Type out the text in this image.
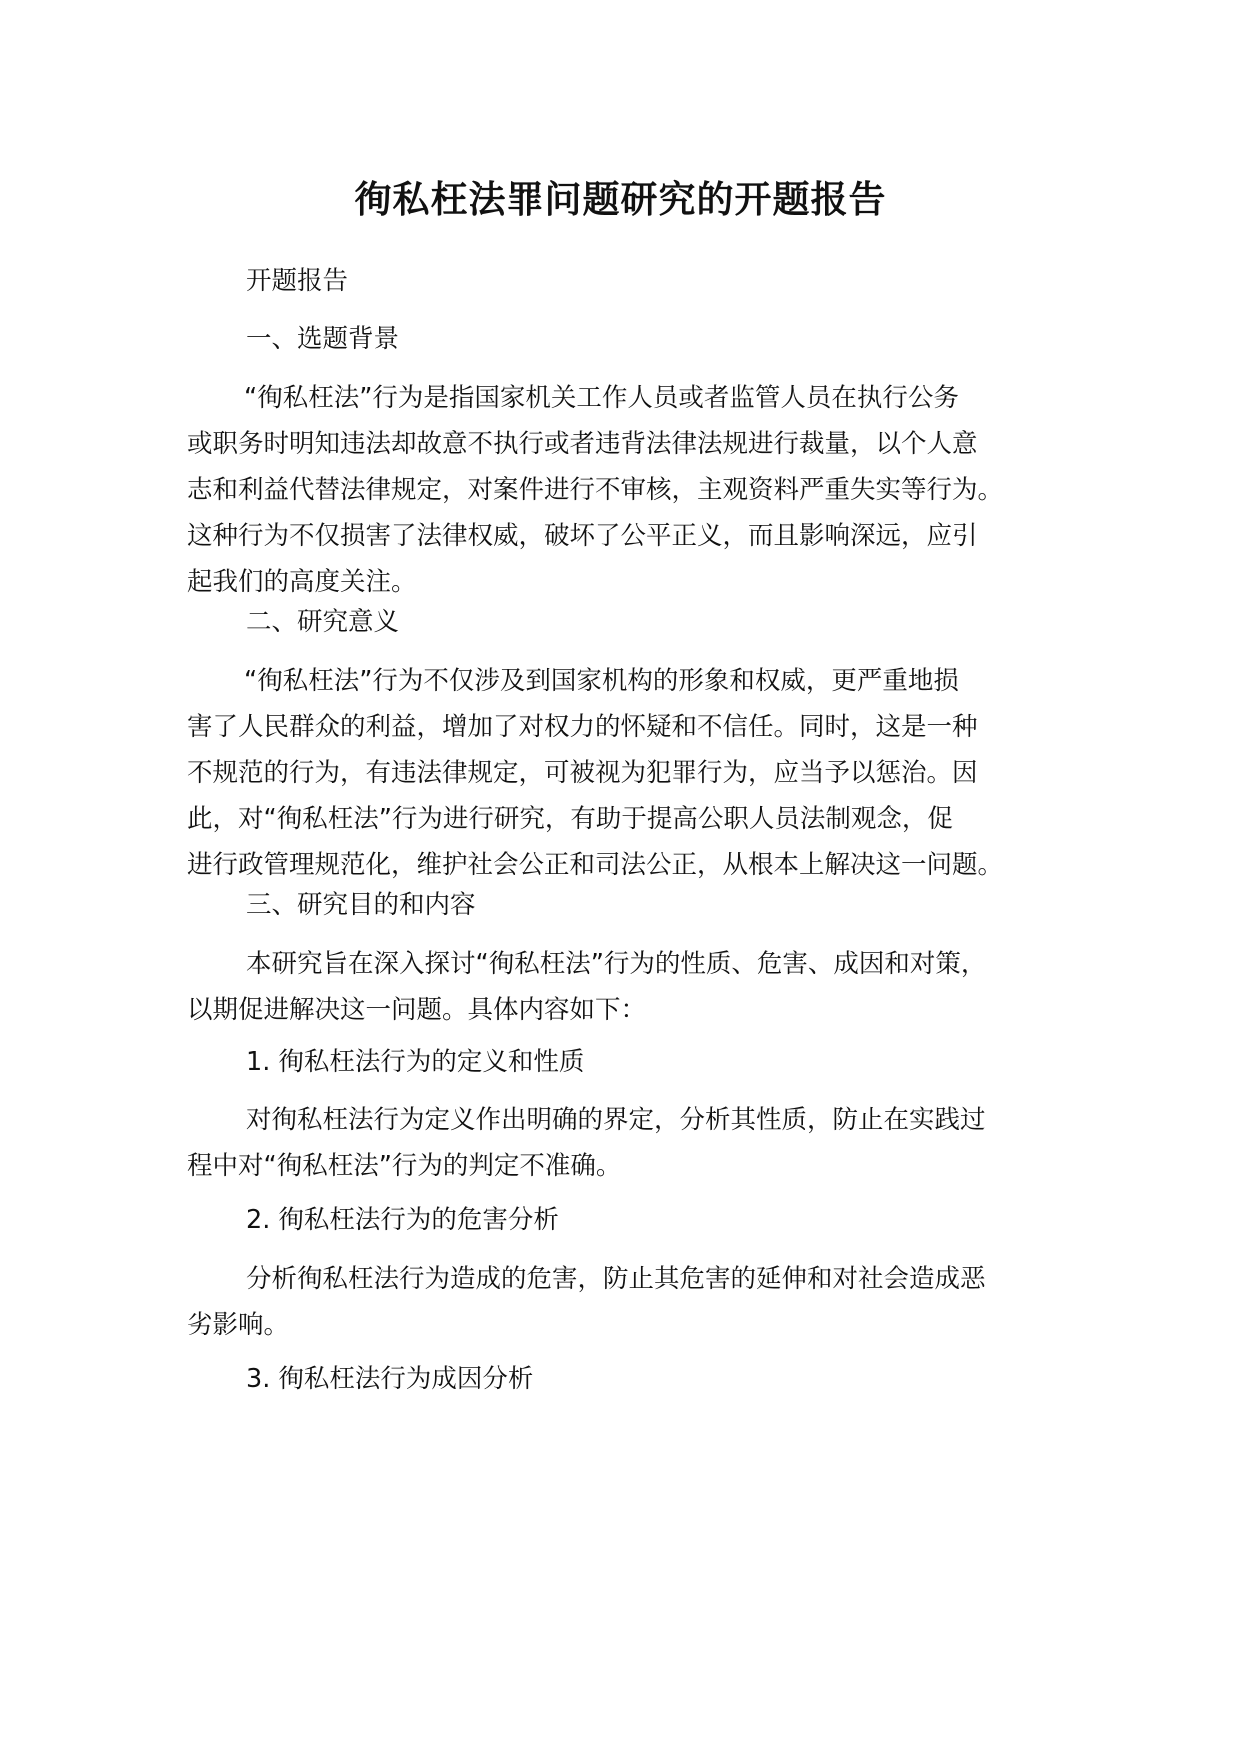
徇私枉法罪问题研究的开题报告

开题报告

一、选题背景

“徇私枉法”行为是指国家机关工作人员或者监管人员在执行公务
或职务时明知违法却故意不执行或者违背法律法规进行裁量，以个人意
志和利益代替法律规定，对案件进行不审核，主观资料严重失实等行为。
这种行为不仅损害了法律权威，破坏了公平正义，而且影响深远，应引
起我们的高度关注。

二、研究意义

“徇私枉法”行为不仅涉及到国家机构的形象和权威，更严重地损
害了人民群众的利益，增加了对权力的怀疑和不信任。同时，这是一种
不规范的行为，有违法律规定，可被视为犯罪行为，应当予以惩治。因
此，对“徇私枉法”行为进行研究，有助于提高公职人员法制观念，促
进行政管理规范化，维护社会公正和司法公正，从根本上解决这一问题。

三、研究目的和内容

本研究旨在深入探讨“徇私枉法”行为的性质、危害、成因和对策，
以期促进解决这一问题。具体内容如下：

1. 徇私枉法行为的定义和性质

对徇私枉法行为定义作出明确的界定，分析其性质，防止在实践过
程中对“徇私枉法”行为的判定不准确。

2. 徇私枉法行为的危害分析

分析徇私枉法行为造成的危害，防止其危害的延伸和对社会造成恶
劣影响。

3. 徇私枉法行为成因分析
